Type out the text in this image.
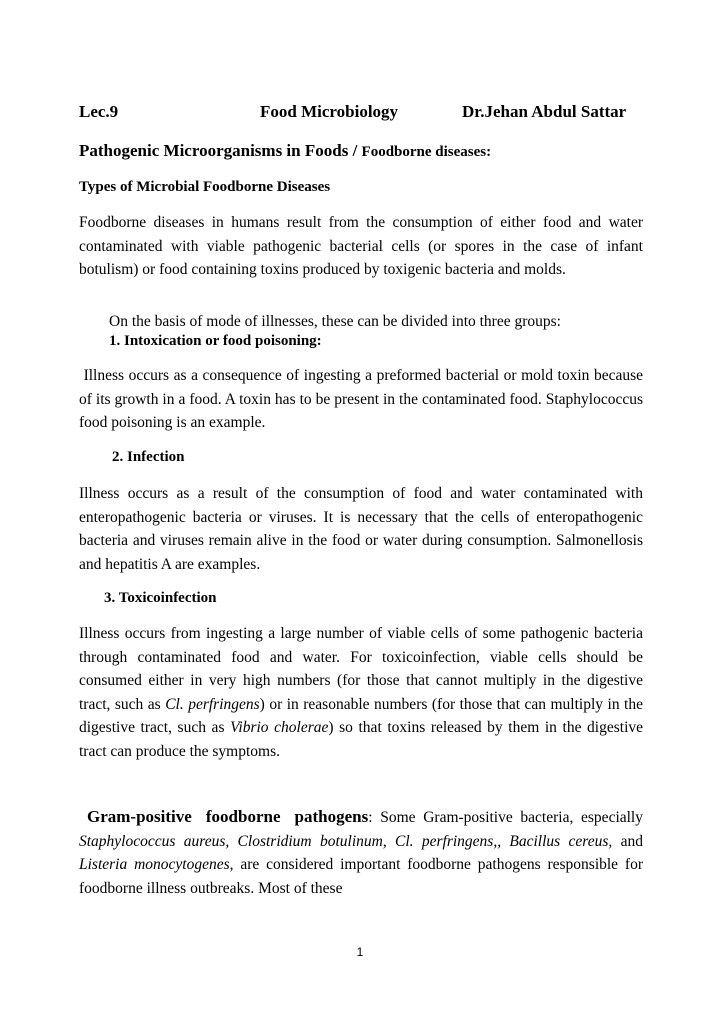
Lec.9	Food Microbiology	Dr.Jehan Abdul Sattar
Pathogenic Microorganisms in Foods / Foodborne diseases:
Types of Microbial Foodborne Diseases
Foodborne diseases in humans result from the consumption of either food and water contaminated with viable pathogenic bacterial cells (or spores in the case of infant botulism) or food containing toxins produced by toxigenic bacteria and molds.
On the basis of mode of illnesses, these can be divided into three groups:
1. Intoxication or food poisoning:
Illness occurs as a consequence of ingesting a preformed bacterial or mold toxin because of its growth in a food. A toxin has to be present in the contaminated food. Staphylococcus food poisoning is an example.
2. Infection
Illness occurs as a result of the consumption of food and water contaminated with enteropathogenic bacteria or viruses. It is necessary that the cells of enteropathogenic bacteria and viruses remain alive in the food or water during consumption. Salmonellosis and hepatitis A are examples.
3. Toxicoinfection
Illness occurs from ingesting a large number of viable cells of some pathogenic bacteria through contaminated food and water. For toxicoinfection, viable cells should be consumed either in very high numbers (for those that cannot multiply in the digestive tract, such as Cl. perfringens) or in reasonable numbers (for those that can multiply in the digestive tract, such as Vibrio cholerae) so that toxins released by them in the digestive tract can produce the symptoms.
Gram-positive foodborne pathogens: Some Gram-positive bacteria, especially Staphylococcus aureus, Clostridium botulinum, Cl. perfringens,, Bacillus cereus, and Listeria monocytogenes, are considered important foodborne pathogens responsible for foodborne illness outbreaks. Most of these
1
